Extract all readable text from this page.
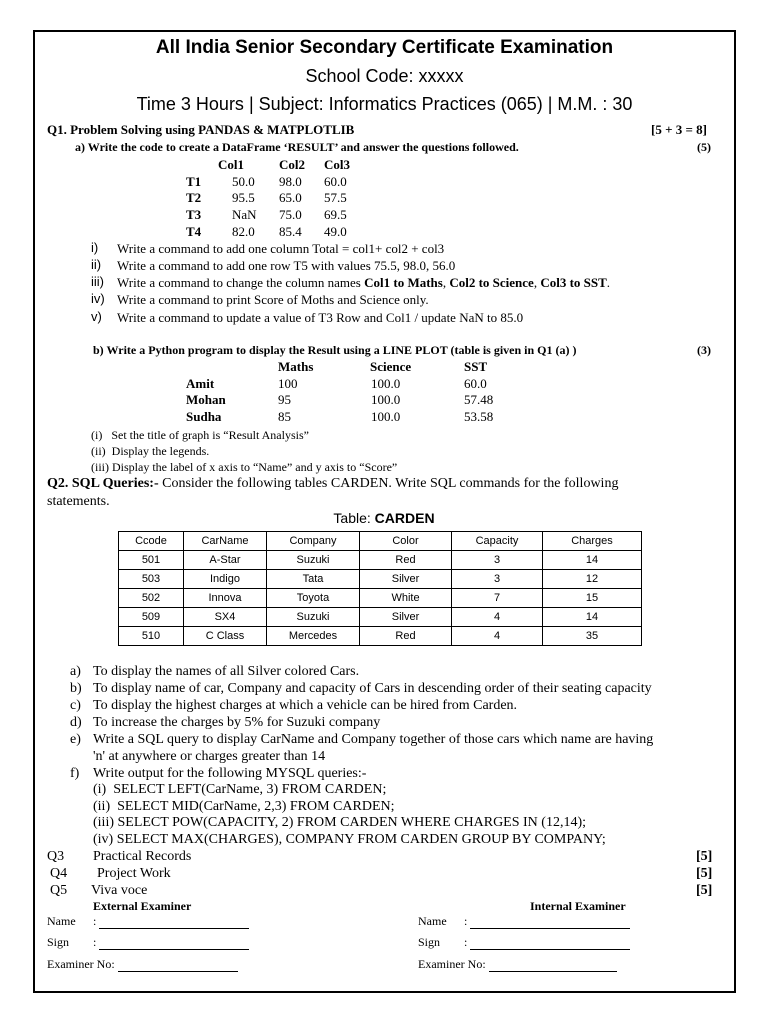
All India Senior Secondary Certificate Examination
School Code: xxxxx
Time 3 Hours | Subject: Informatics Practices (065) | M.M. : 30
Q1. Problem Solving using PANDAS & MATPLOTLIB	[5 + 3 = 8]
a) Write the code to create a DataFrame ‘RESULT’ and answer the questions followed.	(5)
Col1	Col2 Col3
T1 50.0 98.0 60.0
T2 95.5 65.0 57.5
T3 NaN 75.0 69.5
T4 82.0 85.4 49.0
i) Write a command to add one column Total = col1+ col2 + col3
ii) Write a command to add one row T5 with values 75.5, 98.0, 56.0
iii) Write a command to change the column names Col1 to Maths, Col2 to Science, Col3 to SST.
iv) Write a command to print Score of Moths and Science only.
v) Write a command to update a value of T3 Row and Col1 / update NaN to 85.0
b) Write a Python program to display the Result using a LINE PLOT (table is given in Q1 (a) )	(3)
Maths	Science	SST
Amit	100	100.0	60.0
Mohan	95	100.0	57.48
Sudha	85	100.0	53.58
(i)   Set the title of graph is “Result Analysis”
(ii)  Display the legends.
(iii) Display the label of x axis to “Name” and y axis to “Score”
Q2. SQL Queries:- Consider the following tables CARDEN. Write SQL commands for the following
statements.
Table: CARDEN
Ccode	CarName	Company	Color	Capacity	Charges
501	A-Star	Suzuki	Red	3	14
503	Indigo	Tata	Silver	3	12
502	Innova	Toyota	White	7	15
509	SX4	Suzuki	Silver	4	14
510	C Class	Mercedes	Red	4	35
a) To display the names of all Silver colored Cars.
b) To display name of car, Company and capacity of Cars in descending order of their seating capacity
c) To display the highest charges at which a vehicle can be hired from Carden.
d) To increase the charges by 5% for Suzuki company
e) Write a SQL query to display CarName and Company together of those cars which name are having
'n' at anywhere or charges greater than 14
f) Write output for the following MYSQL queries:-
(i)  SELECT LEFT(CarName, 3) FROM CARDEN;
(ii)  SELECT MID(CarName, 2,3) FROM CARDEN;
(iii) SELECT POW(CAPACITY, 2) FROM CARDEN WHERE CHARGES IN (12,14);
(iv) SELECT MAX(CHARGES), COMPANY FROM CARDEN GROUP BY COMPANY;
Q3 Practical Records	[5]
Q4 Project Work	[5]
Q5 Viva voce	[5]
External Examiner	Internal Examiner
Name :	Name :
Sign :	Sign :
Examiner No:	Examiner No:
